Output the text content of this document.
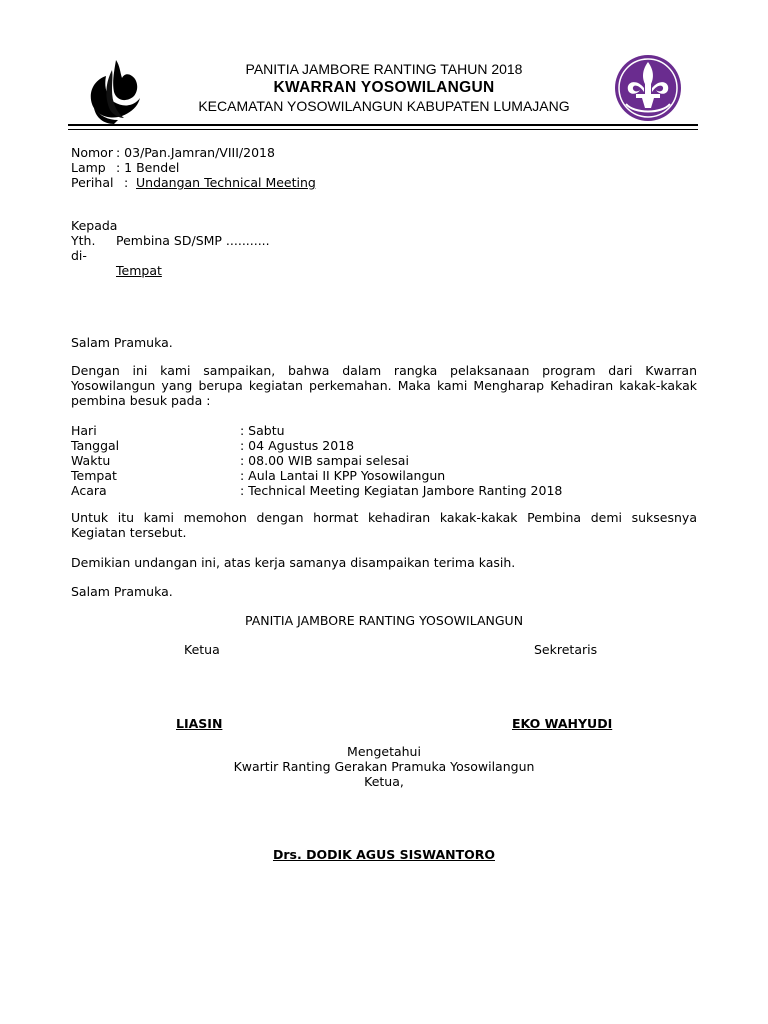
PANITIA JAMBORE RANTING TAHUN 2018
KWARRAN YOSOWILANGUN
KECAMATAN YOSOWILANGUN KABUPATEN LUMAJANG
Nomor : 03/Pan.Jamran/VIII/2018
Lamp : 1 Bendel
Perihal : Undangan Technical Meeting
Kepada
Yth. Pembina SD/SMP ...........
di-
Tempat
Salam Pramuka.
Dengan ini kami sampaikan, bahwa dalam rangka pelaksanaan program dari Kwarran Yosowilangun yang berupa kegiatan perkemahan. Maka kami Mengharap Kehadiran kakak-kakak pembina besuk pada :
Hari	: Sabtu
Tanggal	: 04 Agustus 2018
Waktu	: 08.00 WIB sampai selesai
Tempat	: Aula Lantai II KPP Yosowilangun
Acara	: Technical Meeting Kegiatan Jambore Ranting 2018
Untuk itu kami memohon dengan hormat kehadiran kakak-kakak Pembina demi suksesnya Kegiatan tersebut.
Demikian undangan ini, atas kerja samanya disampaikan terima kasih.
Salam Pramuka.
PANITIA JAMBORE RANTING YOSOWILANGUN
Ketua	Sekretaris
LIASIN	EKO WAHYUDI
Mengetahui
Kwartir Ranting Gerakan Pramuka Yosowilangun
Ketua,
Drs. DODIK AGUS SISWANTORO
